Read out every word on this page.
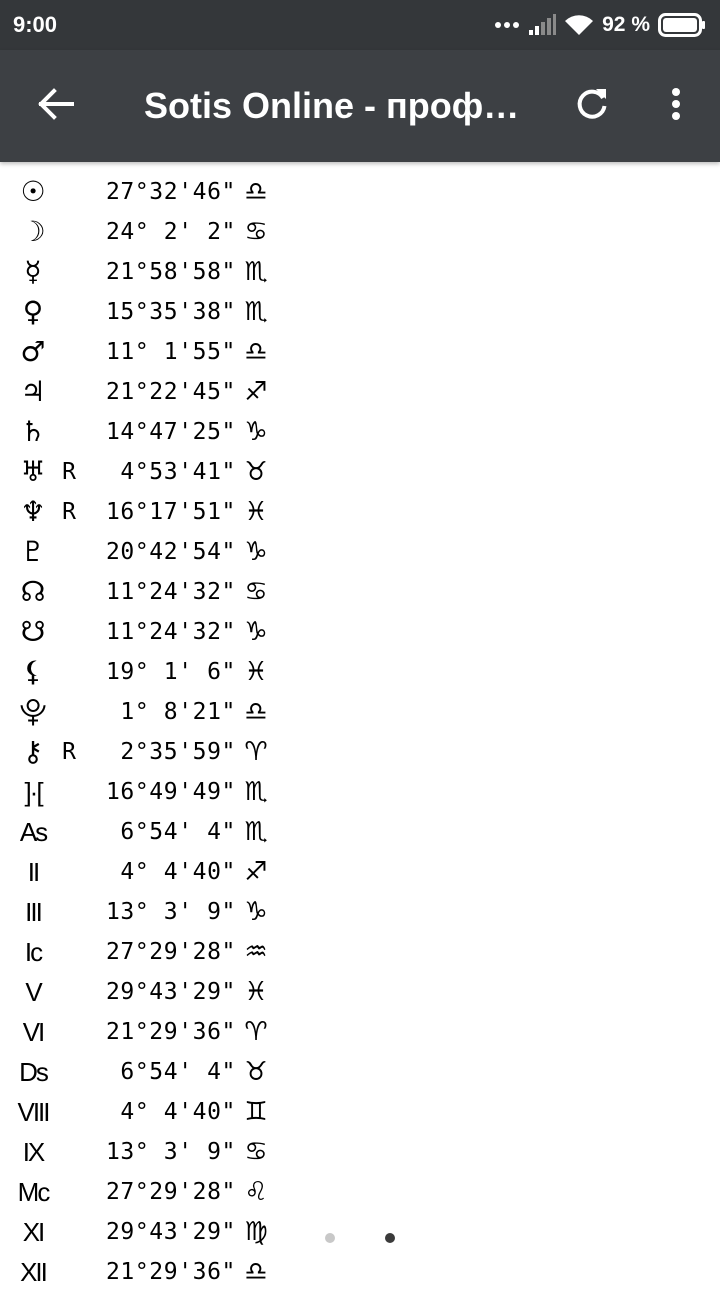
9:00	92 %
Sotis Online - проф…
☉	27°32'46" ♎
☽	24° 2' 2" ♋
☿	21°58'58" ♏
♀	15°35'38" ♏
♂	11° 1'55" ♎
♃	21°22'45" ♐
♄	14°47'25" ♑
♅ R	4°53'41" ♉
♆ R	16°17'51" ♓
♇	20°42'54" ♑
☊	11°24'32" ♋
☋	11°24'32" ♑
⚸	19° 1' 6" ♓
⯓	1° 8'21" ♎
⚷ R	2°35'59" ♈
]·[	16°49'49" ♏
As	6°54' 4" ♏
II	4° 4'40" ♐
III	13° 3' 9" ♑
Ic	27°29'28" ♒
V	29°43'29" ♓
VI	21°29'36" ♈
Ds	6°54' 4" ♉
VIII	4° 4'40" ♊
IX	13° 3' 9" ♋
Mc	27°29'28" ♌
XI	29°43'29" ♍
XII	21°29'36" ♎
